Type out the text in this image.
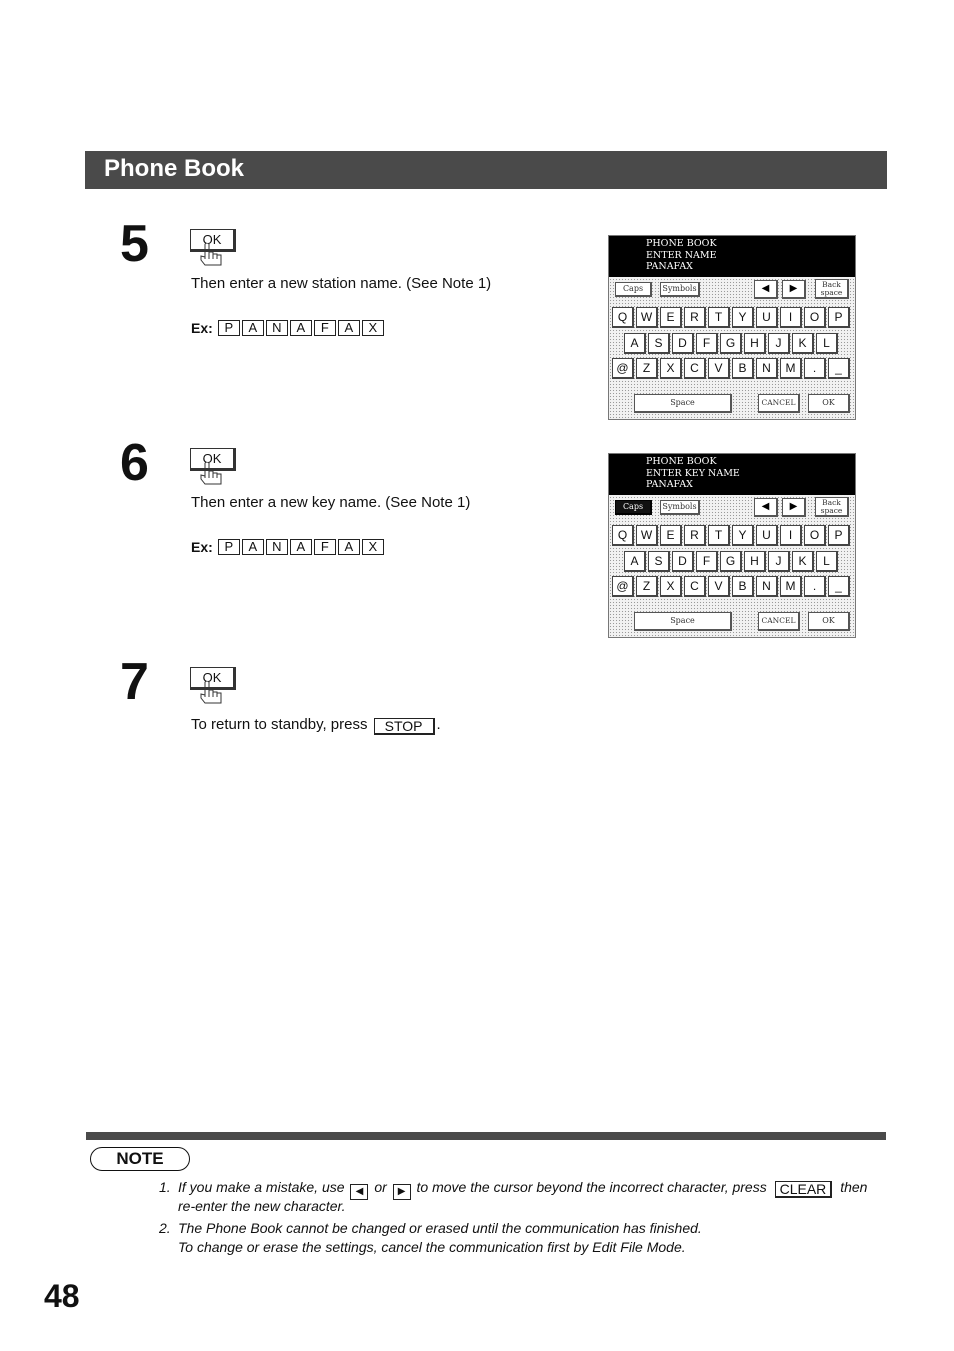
Phone Book
5	OK
Then enter a new station name. (See Note 1)
Ex: P	A	N	A	F	A	X
PHONE BOOK
ENTER NAME
PANAFAX
Caps	Symbols	◀	▶	Back
space
Q	W	E	R	T	Y	U	I	O	P
A	S	D	F	G	H	J	K	L
@	Z	X	C	V	B	N	M	.	_
Space	CANCEL	OK
6	OK
Then enter a new key name. (See Note 1)
Ex: P	A	N	A	F	A	X
PHONE BOOK
ENTER KEY NAME
PANAFAX
Caps	Symbols	◀	▶	Back
space
Q	W	E	R	T	Y	U	I	O	P
A	S	D	F	G	H	J	K	L
@	Z	X	C	V	B	N	M	.	_
Space	CANCEL	OK
7	OK
To return to standby, press STOP .
NOTE
1. If you make a mistake, use ◀ or ▶ to move the cursor beyond the incorrect character, press CLEAR then
re-enter the new character.
2. The Phone Book cannot be changed or erased until the communication has finished.
To change or erase the settings, cancel the communication first by Edit File Mode.
48
